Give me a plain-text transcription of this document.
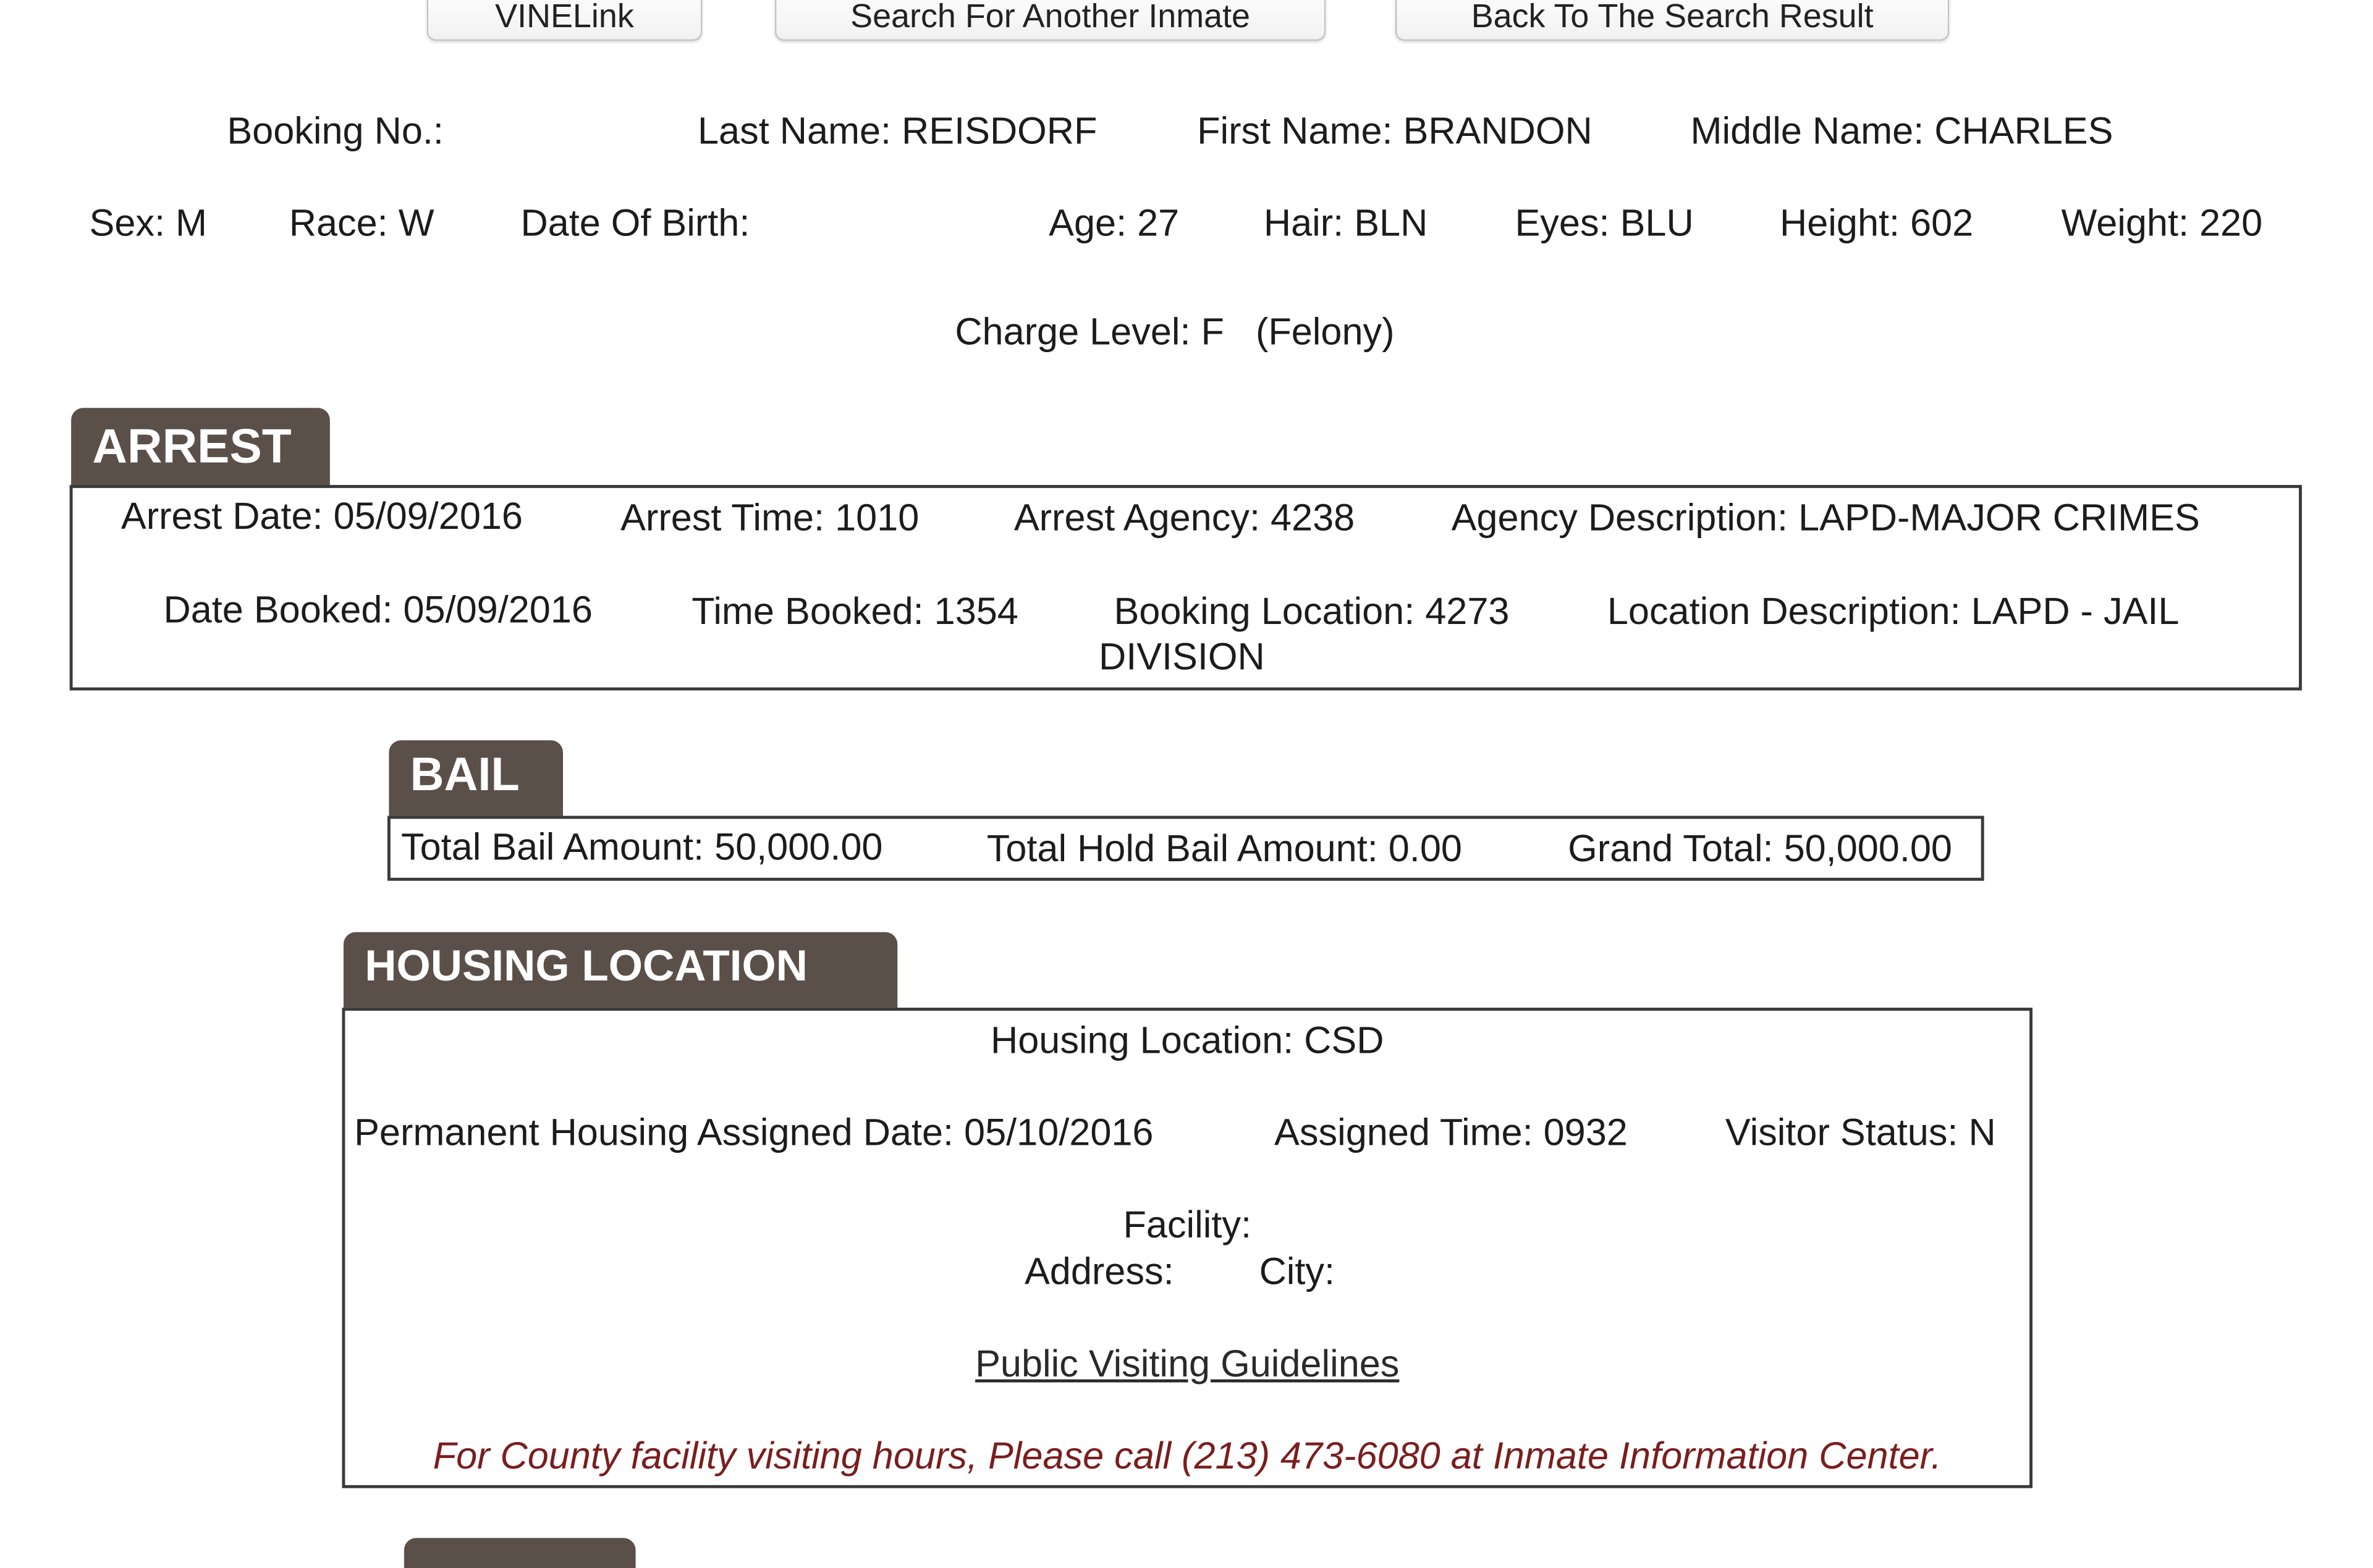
VINELink	Search For Another Inmate	Back To The Search Result
Booking No.:	Last Name: REISDORF	First Name: BRANDON	Middle Name: CHARLES
Sex: M	Race: W	Date Of Birth:	Age: 27	Hair: BLN	Eyes: BLU	Height: 602	Weight: 220
Charge Level: F   (Felony)
ARREST
Arrest Date: 05/09/2016	Arrest Time: 1010	Arrest Agency: 4238	Agency Description: LAPD-MAJOR CRIMES
Date Booked: 05/09/2016	Time Booked: 1354	Booking Location: 4273	Location Description: LAPD - JAIL
DIVISION
BAIL
Total Bail Amount: 50,000.00	Total Hold Bail Amount: 0.00	Grand Total: 50,000.00
HOUSING LOCATION
Housing Location: CSD
Permanent Housing Assigned Date: 05/10/2016	Assigned Time: 0932	Visitor Status: N
Facility:
Address:	City:
Public Visiting Guidelines
For County facility visiting hours, Please call (213) 473-6080 at Inmate Information Center.
